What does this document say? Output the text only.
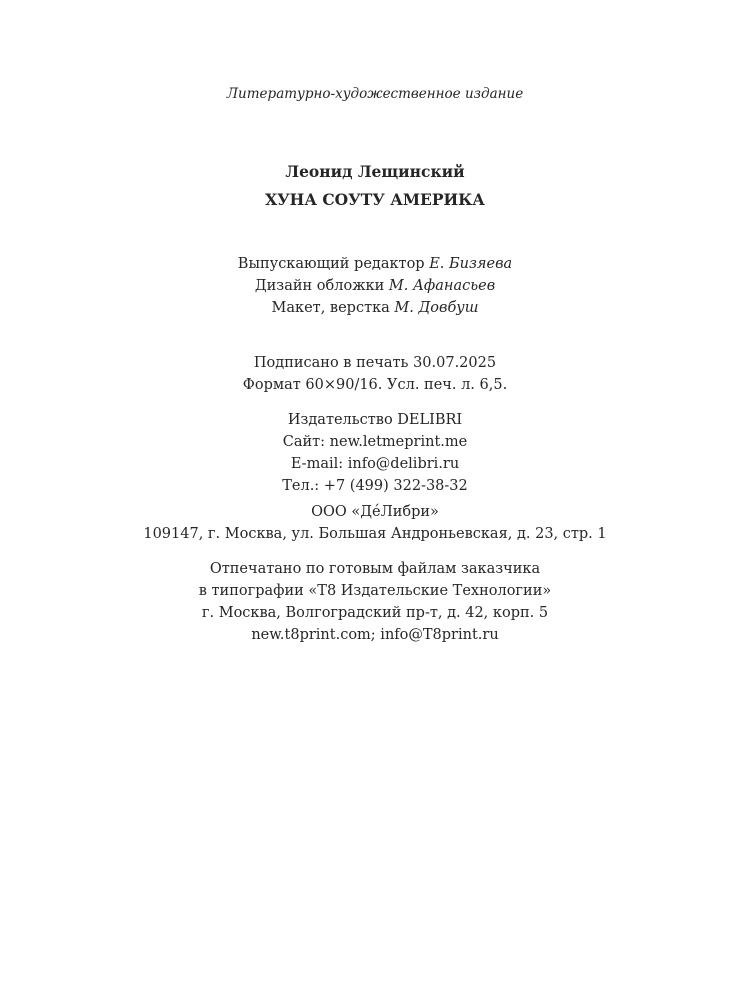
Литературно-художественное издание
Леонид Лещинский
ХУНА СОУТУ АМЕРИКА
Выпускающий редактор Е. Бизяева
Дизайн обложки М. Афанасьев
Макет, верстка М. Довбуш
Подписано в печать 30.07.2025
Формат 60×90/16. Усл. печ. л. 6,5.
Издательство DELIBRI
Сайт: new.letmeprint.me
E-mail: info@delibri.ru
Тел.: +7 (499) 322-38-32
ООО «ДéЛибри»
109147, г. Москва, ул. Большая Андроньевская, д. 23, стр. 1
Отпечатано по готовым файлам заказчика
в типографии «Т8 Издательские Технологии»
г. Москва, Волгоградский пр-т, д. 42, корп. 5
new.t8print.com; info@T8print.ru
